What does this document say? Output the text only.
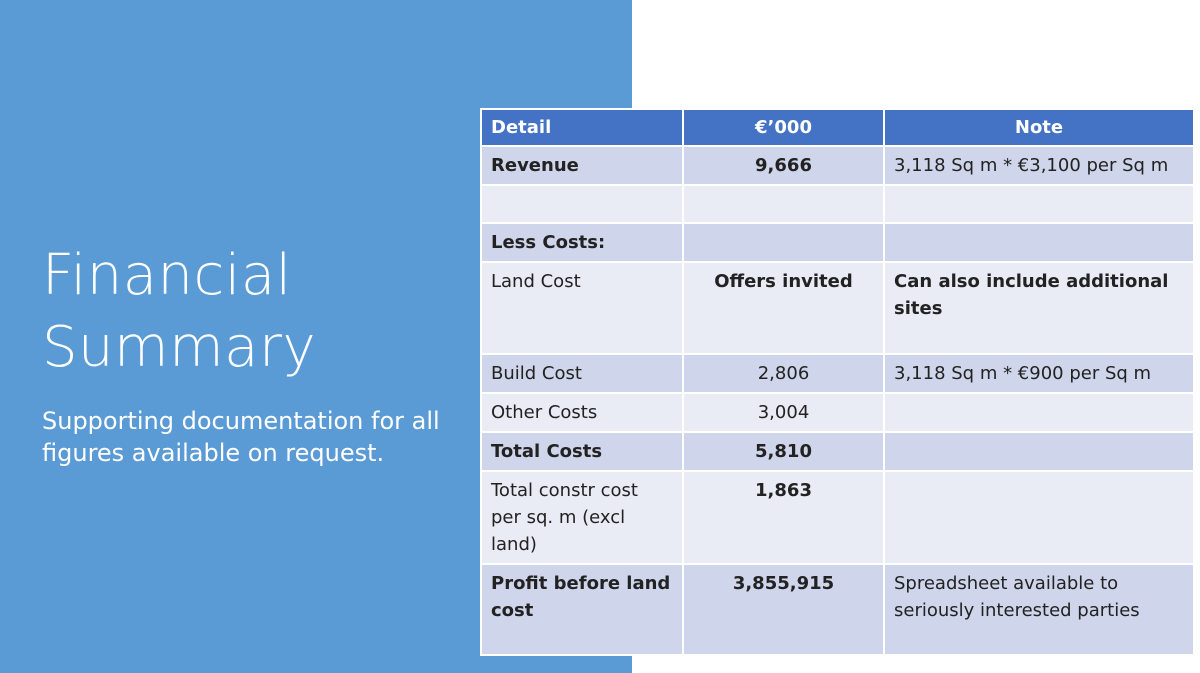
Financial Summary
Supporting documentation for all figures available on request.
Detail	€’000	Note
Revenue	9,666	3,118 Sq m * €3,100 per Sq m

Less Costs:		
Land Cost	Offers invited	Can also include additional sites
Build Cost	2,806	3,118 Sq m * €900 per Sq m
Other Costs	3,004	
Total Costs	5,810	
Total constr cost per sq. m (excl land)	1,863	
Profit before land cost	3,855,915	Spreadsheet available to seriously interested parties
